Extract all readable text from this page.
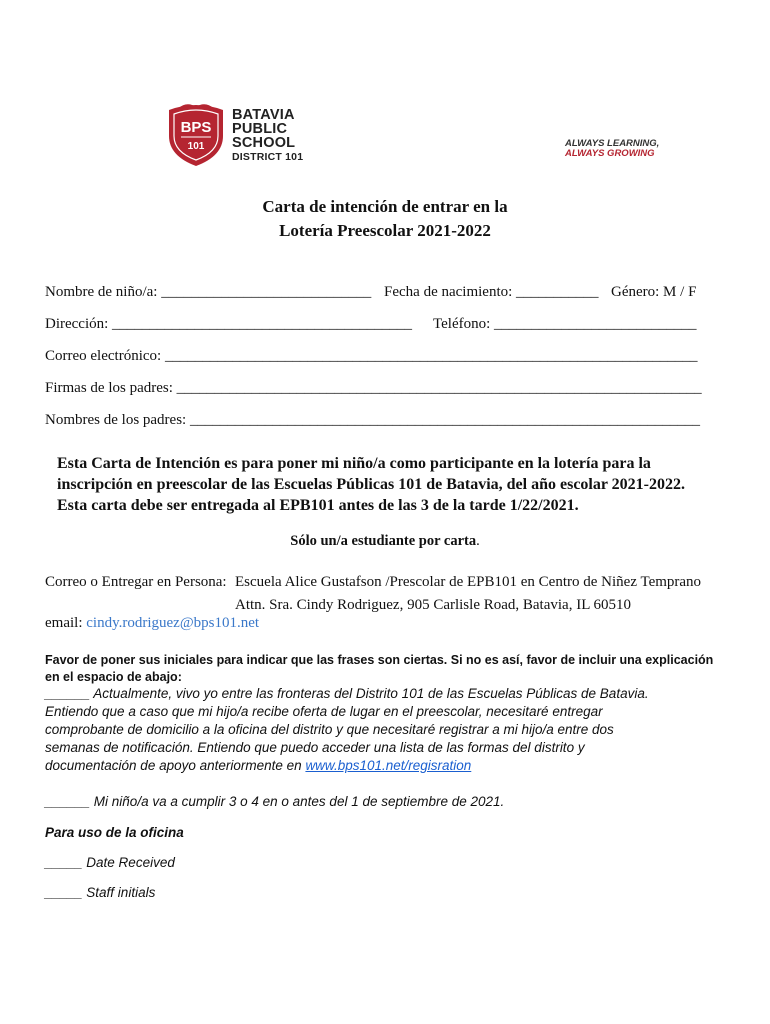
BPS
101
BATAVIA
PUBLIC
SCHOOL
DISTRICT 101
ALWAYS LEARNING,
ALWAYS GROWING
Carta de intención de entrar en la
Lotería Preescolar 2021-2022
Nombre de niño/a: ____________________________ Fecha de nacimiento: ___________ Género: M / F
Dirección: ________________________________________ Teléfono: ___________________________
Correo electrónico: _______________________________________________________________________
Firmas de los padres: ______________________________________________________________________
Nombres de los padres: ____________________________________________________________________
Esta Carta de Intención es para poner mi niño/a como participante en la lotería para la
inscripción en preescolar de las Escuelas Públicas 101 de Batavia, del año escolar 2021-2022.
Esta carta debe ser entregada al EPB101 antes de las 3 de la tarde 1/22/2021.
Sólo un/a estudiante por carta.
Correo o Entregar en Persona: Escuela Alice Gustafson /Prescolar de EPB101 en Centro de Niñez Temprano
Attn. Sra. Cindy Rodriguez, 905 Carlisle Road, Batavia, IL 60510
email: cindy.rodriguez@bps101.net
Favor de poner sus iniciales para indicar que las frases son ciertas. Si no es así, favor de incluir una explicación
en el espacio de abajo:
______ Actualmente, vivo yo entre las fronteras del Distrito 101 de las Escuelas Públicas de Batavia.
Entiendo que a caso que mi hijo/a recibe oferta de lugar en el preescolar, necesitaré entregar
comprobante de domicilio a la oficina del distrito y que necesitaré registrar a mi hijo/a entre dos
semanas de notificación. Entiendo que puedo acceder una lista de las formas del distrito y
documentación de apoyo anteriormente en www.bps101.net/regisration
______ Mi niño/a va a cumplir 3 o 4 en o antes del 1 de septiembre de 2021.
Para uso de la oficina
_____ Date Received
_____ Staff initials
